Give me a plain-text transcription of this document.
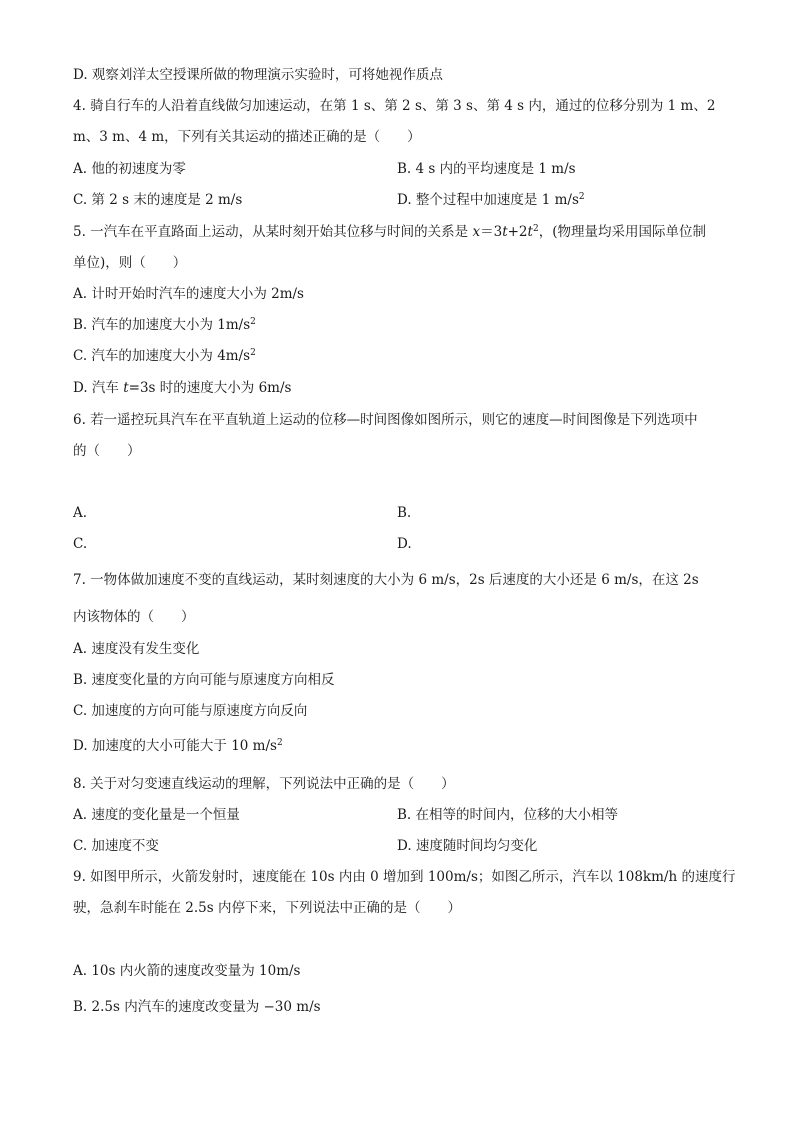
D. 观察刘洋太空授课所做的物理演示实验时，可将她视作质点
4. 骑自行车的人沿着直线做匀加速运动，在第 1 s、第 2 s、第 3 s、第 4 s 内，通过的位移分别为 1 m、2
m、3 m、4 m，下列有关其运动的描述正确的是（　　）
A. 他的初速度为零	B. 4 s 内的平均速度是 1 m/s
C. 第 2 s 末的速度是 2 m/s	D. 整个过程中加速度是 1 $m/s^2$
5. 一汽车在平直路面上运动，从某时刻开始其位移与时间的关系是 $x=3t+2t^2$，(物理量均采用国际单位制
单位)，则（　　）
A. 计时开始时汽车的速度大小为 2m/s
B. 汽车的加速度大小为 $1m/s^2$
C. 汽车的加速度大小为 $4m/s^2$
D. 汽车 t=3s 时的速度大小为 6m/s
6. 若一遥控玩具汽车在平直轨道上运动的位移—时间图像如图所示，则它的速度—时间图像是下列选项中
的（　　）
A.	B.
C.	D.
7. 一物体做加速度不变的直线运动，某时刻速度的大小为 6 m/s，2s 后速度的大小还是 6 m/s，在这 2s
内该物体的（　　）
A. 速度没有发生变化
B. 速度变化量的方向可能与原速度方向相反
C. 加速度的方向可能与原速度方向反向
D. 加速度的大小可能大于 10 $m/s^2$
8. 关于对匀变速直线运动的理解，下列说法中正确的是（　　）
A. 速度的变化量是一个恒量	B. 在相等的时间内，位移的大小相等
C. 加速度不变	D. 速度随时间均匀变化
9. 如图甲所示，火箭发射时，速度能在 10s 内由 0 增加到 100m/s；如图乙所示，汽车以 108km/h 的速度行
驶，急刹车时能在 2.5s 内停下来，下列说法中正确的是（　　）
A. 10s 内火箭的速度改变量为 10m/s
B. 2.5s 内汽车的速度改变量为 −30 m/s
